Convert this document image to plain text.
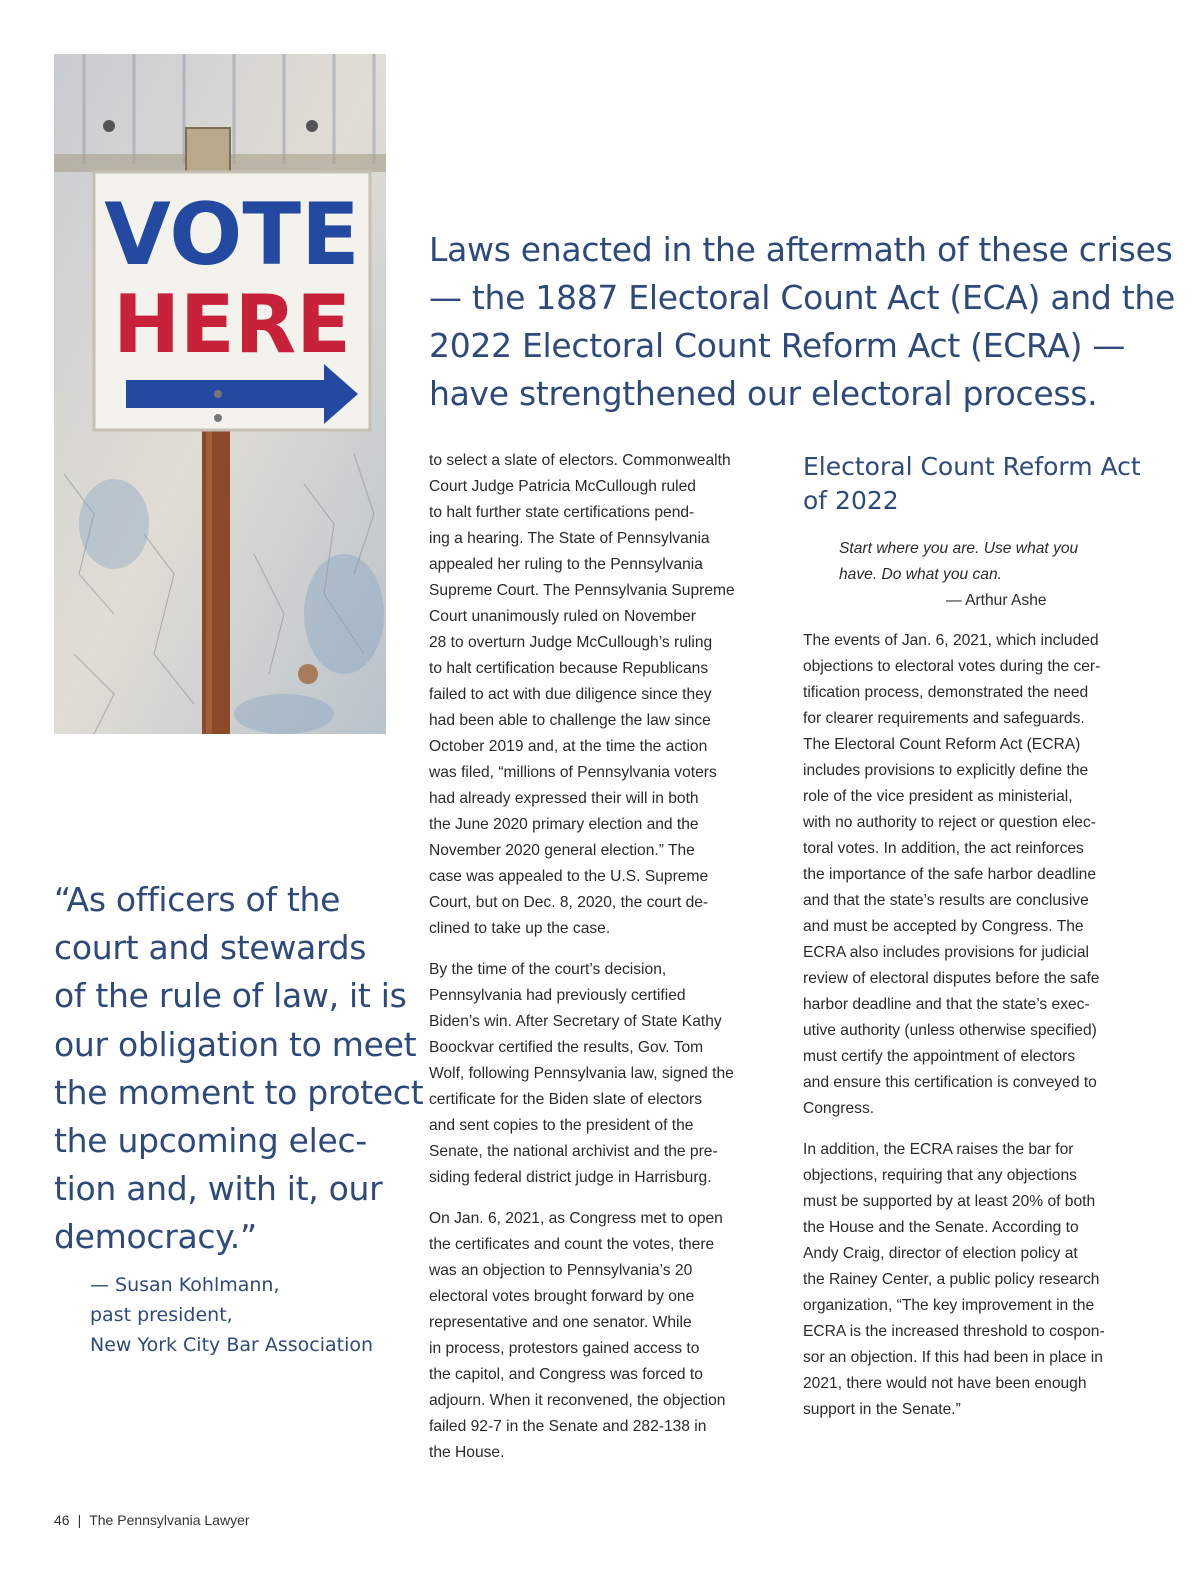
VOTE
HERE
Laws enacted in the aftermath of these crises
— the 1887 Electoral Count Act (ECA) and the
2022 Electoral Count Reform Act (ECRA) —
have strengthened our electoral process.

to select a slate of electors. Commonwealth
Court Judge Patricia McCullough ruled
to halt further state certifications pend-
ing a hearing. The State of Pennsylvania
appealed her ruling to the Pennsylvania
Supreme Court. The Pennsylvania Supreme
Court unanimously ruled on November
28 to overturn Judge McCullough’s ruling
to halt certification because Republicans
failed to act with due diligence since they
had been able to challenge the law since
October 2019 and, at the time the action
was filed, “millions of Pennsylvania voters
had already expressed their will in both
the June 2020 primary election and the
November 2020 general election.” The
case was appealed to the U.S. Supreme
Court, but on Dec. 8, 2020, the court de-
clined to take up the case.

By the time of the court’s decision,
Pennsylvania had previously certified
Biden’s win. After Secretary of State Kathy
Boockvar certified the results, Gov. Tom
Wolf, following Pennsylvania law, signed the
certificate for the Biden slate of electors
and sent copies to the president of the
Senate, the national archivist and the pre-
siding federal district judge in Harrisburg.

On Jan. 6, 2021, as Congress met to open
the certificates and count the votes, there
was an objection to Pennsylvania’s 20
electoral votes brought forward by one
representative and one senator. While
in process, protestors gained access to
the capitol, and Congress was forced to
adjourn. When it reconvened, the objection
failed 92-7 in the Senate and 282-138 in
the House.

Electoral Count Reform Act
of 2022
Start where you are. Use what you
have. Do what you can.
— Arthur Ashe

The events of Jan. 6, 2021, which included
objections to electoral votes during the cer-
tification process, demonstrated the need
for clearer requirements and safeguards.
The Electoral Count Reform Act (ECRA)
includes provisions to explicitly define the
role of the vice president as ministerial,
with no authority to reject or question elec-
toral votes. In addition, the act reinforces
the importance of the safe harbor deadline
and that the state’s results are conclusive
and must be accepted by Congress. The
ECRA also includes provisions for judicial
review of electoral disputes before the safe
harbor deadline and that the state’s exec-
utive authority (unless otherwise specified)
must certify the appointment of electors
and ensure this certification is conveyed to
Congress.

In addition, the ECRA raises the bar for
objections, requiring that any objections
must be supported by at least 20% of both
the House and the Senate. According to
Andy Craig, director of election policy at
the Rainey Center, a public policy research
organization, “The key improvement in the
ECRA is the increased threshold to cospon-
sor an objection. If this had been in place in
2021, there would not have been enough
support in the Senate.”

“As officers of the
court and stewards
of the rule of law, it is
our obligation to meet
the moment to protect
the upcoming elec-
tion and, with it, our
democracy.”
— Susan Kohlmann,
past president,
New York City Bar Association
46 | The Pennsylvania Lawyer
